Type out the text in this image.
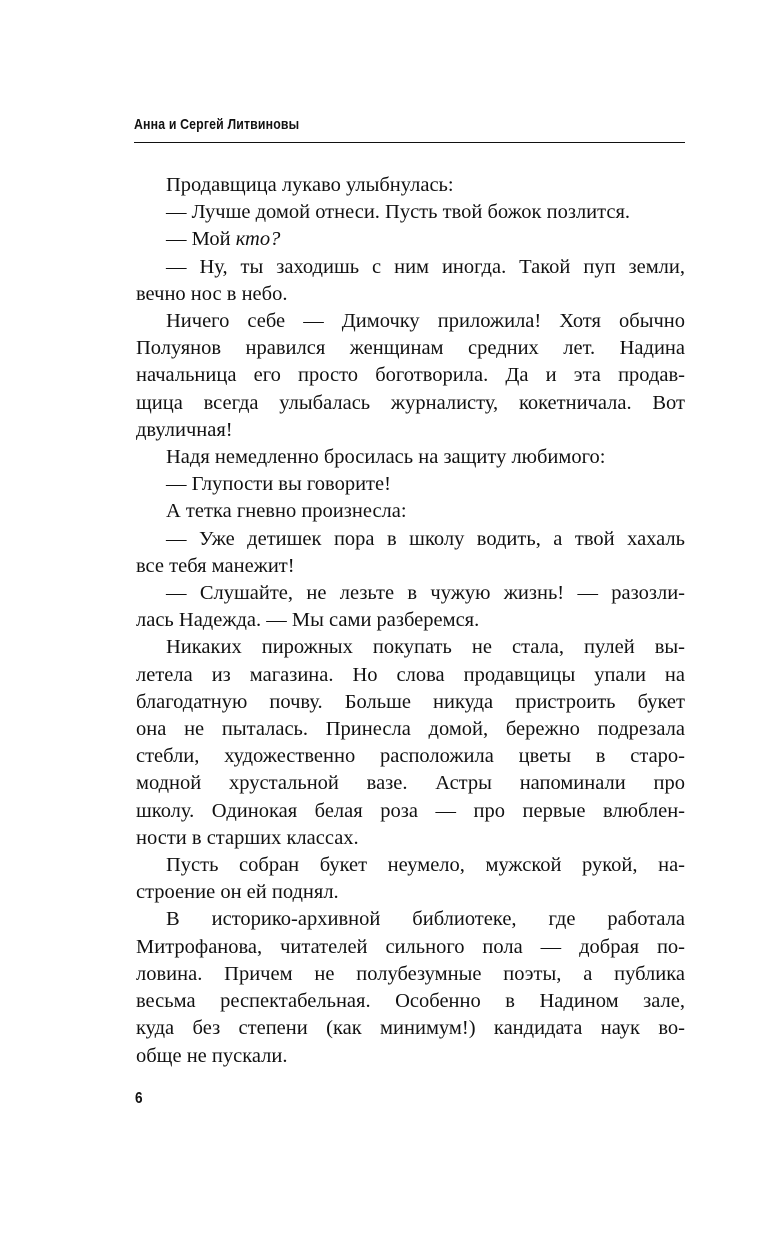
Анна и Сергей Литвиновы

Продавщица лукаво улыбнулась:

— Лучше домой отнеси. Пусть твой божок позлится.

— Мой кто?

— Ну, ты заходишь с ним иногда. Такой пуп земли,

вечно нос в небо.

Ничего себе — Димочку приложила! Хотя обычно

Полуянов нравился женщинам средних лет. Надина

начальница его просто боготворила. Да и эта продав-

щица всегда улыбалась журналисту, кокетничала. Вот

двуличная!

Надя немедленно бросилась на защиту любимого:

— Глупости вы говорите!

А тетка гневно произнесла:

— Уже детишек пора в школу водить, а твой хахаль

все тебя манежит!

— Слушайте, не лезьте в чужую жизнь! — разозли-

лась Надежда. — Мы сами разберемся.

Никаких пирожных покупать не стала, пулей вы-

летела из магазина. Но слова продавщицы упали на

благодатную почву. Больше никуда пристроить букет

она не пыталась. Принесла домой, бережно подрезала

стебли, художественно расположила цветы в старо-

модной хрустальной вазе. Астры напоминали про

школу. Одинокая белая роза — про первые влюблен-

ности в старших классах.

Пусть собран букет неумело, мужской рукой, на-

строение он ей поднял.

В историко-архивной библиотеке, где работала

Митрофанова, читателей сильного пола — добрая по-

ловина. Причем не полубезумные поэты, а публика

весьма респектабельная. Особенно в Надином зале,

куда без степени (как минимум!) кандидата наук во-

обще не пускали.

6
